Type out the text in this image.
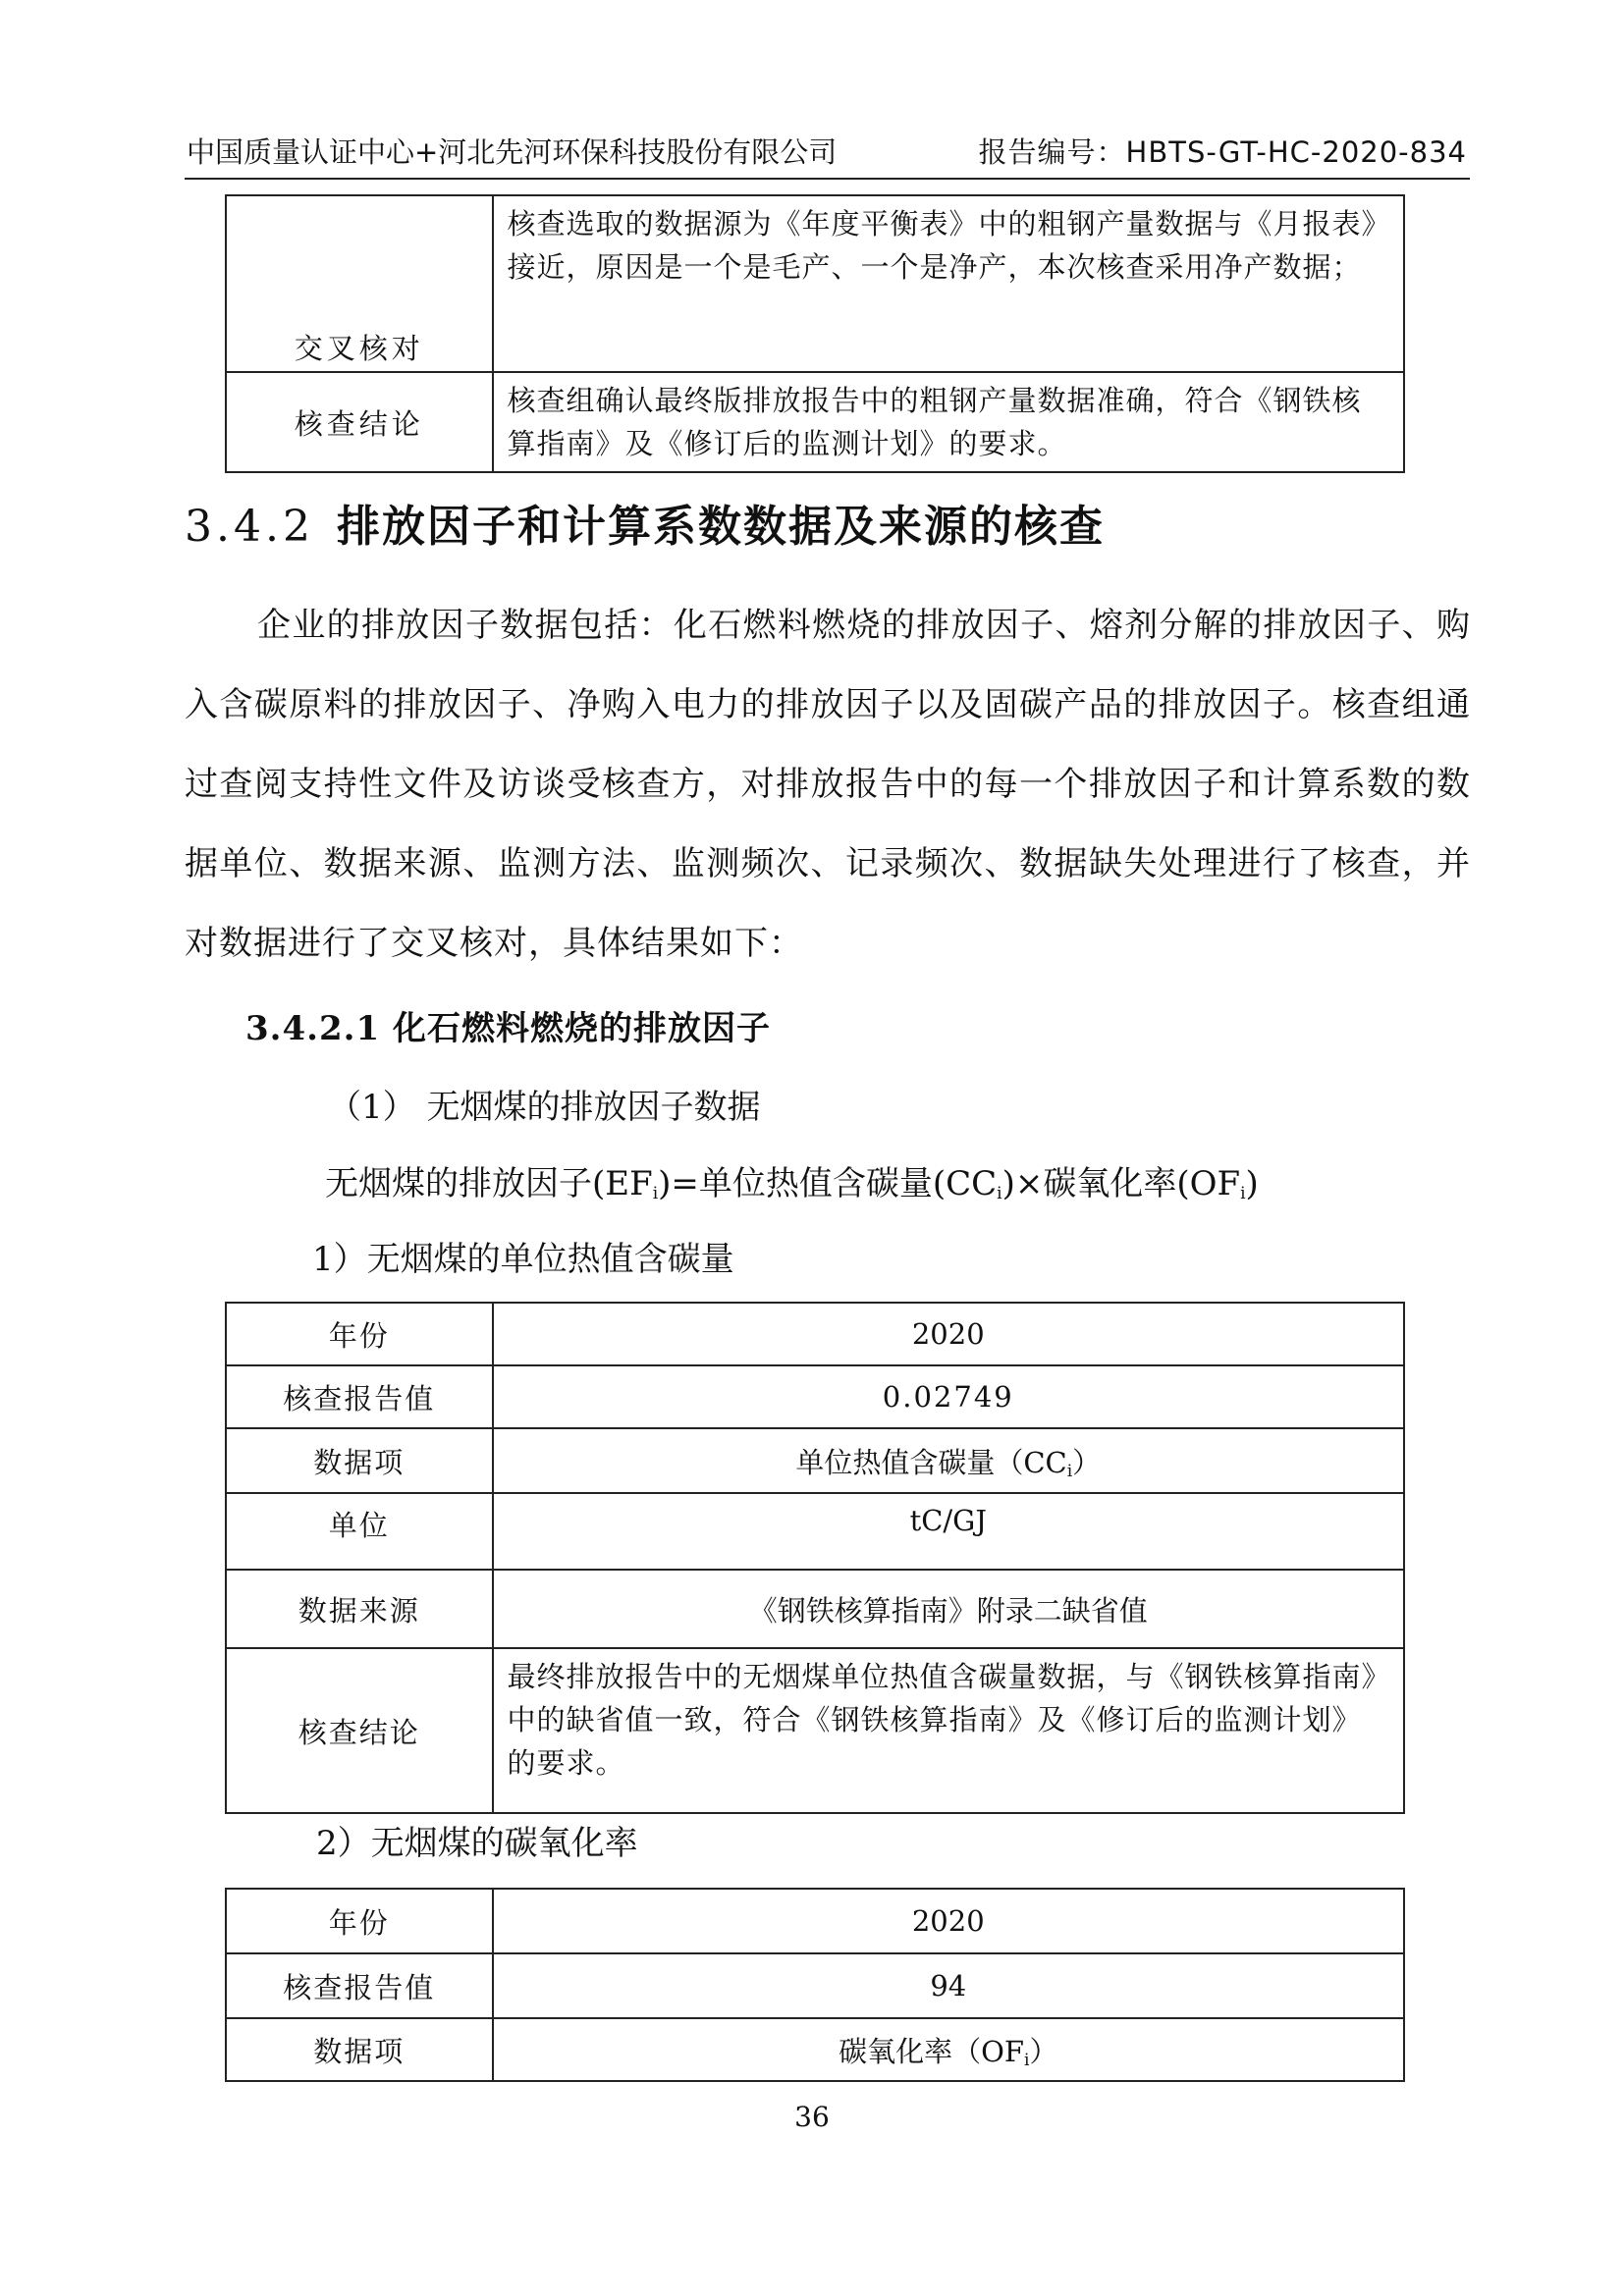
中国质量认证中心+河北先河环保科技股份有限公司	报告编号：HBTS-GT-HC-2020-834
交叉核对	核查选取的数据源为《年度平衡表》中的粗钢产量数据与《月报表》接近，原因是一个是毛产、一个是净产，本次核查采用净产数据；
核查结论	核查组确认最终版排放报告中的粗钢产量数据准确，符合《钢铁核算指南》及《修订后的监测计划》的要求。
3.4.2 排放因子和计算系数数据及来源的核查
企业的排放因子数据包括：化石燃料燃烧的排放因子、熔剂分解的排放因子、购入含碳原料的排放因子、净购入电力的排放因子以及固碳产品的排放因子。核查组通过查阅支持性文件及访谈受核查方，对排放报告中的每一个排放因子和计算系数的数据单位、数据来源、监测方法、监测频次、记录频次、数据缺失处理进行了核查，并对数据进行了交叉核对，具体结果如下：
3.4.2.1 化石燃料燃烧的排放因子
（1） 无烟煤的排放因子数据
无烟煤的排放因子$(EF_i)=$单位热值含碳量$(CC_i)\times$碳氧化率$(OF_i)$
1）无烟煤的单位热值含碳量
年份	2020
核查报告值	0.02749
数据项	单位热值含碳量$(CC_i)$
单位	tC/GJ
数据来源	《钢铁核算指南》附录二缺省值
核查结论	最终排放报告中的无烟煤单位热值含碳量数据，与《钢铁核算指南》中的缺省值一致，符合《钢铁核算指南》及《修订后的监测计划》的要求。
2）无烟煤的碳氧化率
年份	2020
核查报告值	94
数据项	碳氧化率$(OF_i)$
36
